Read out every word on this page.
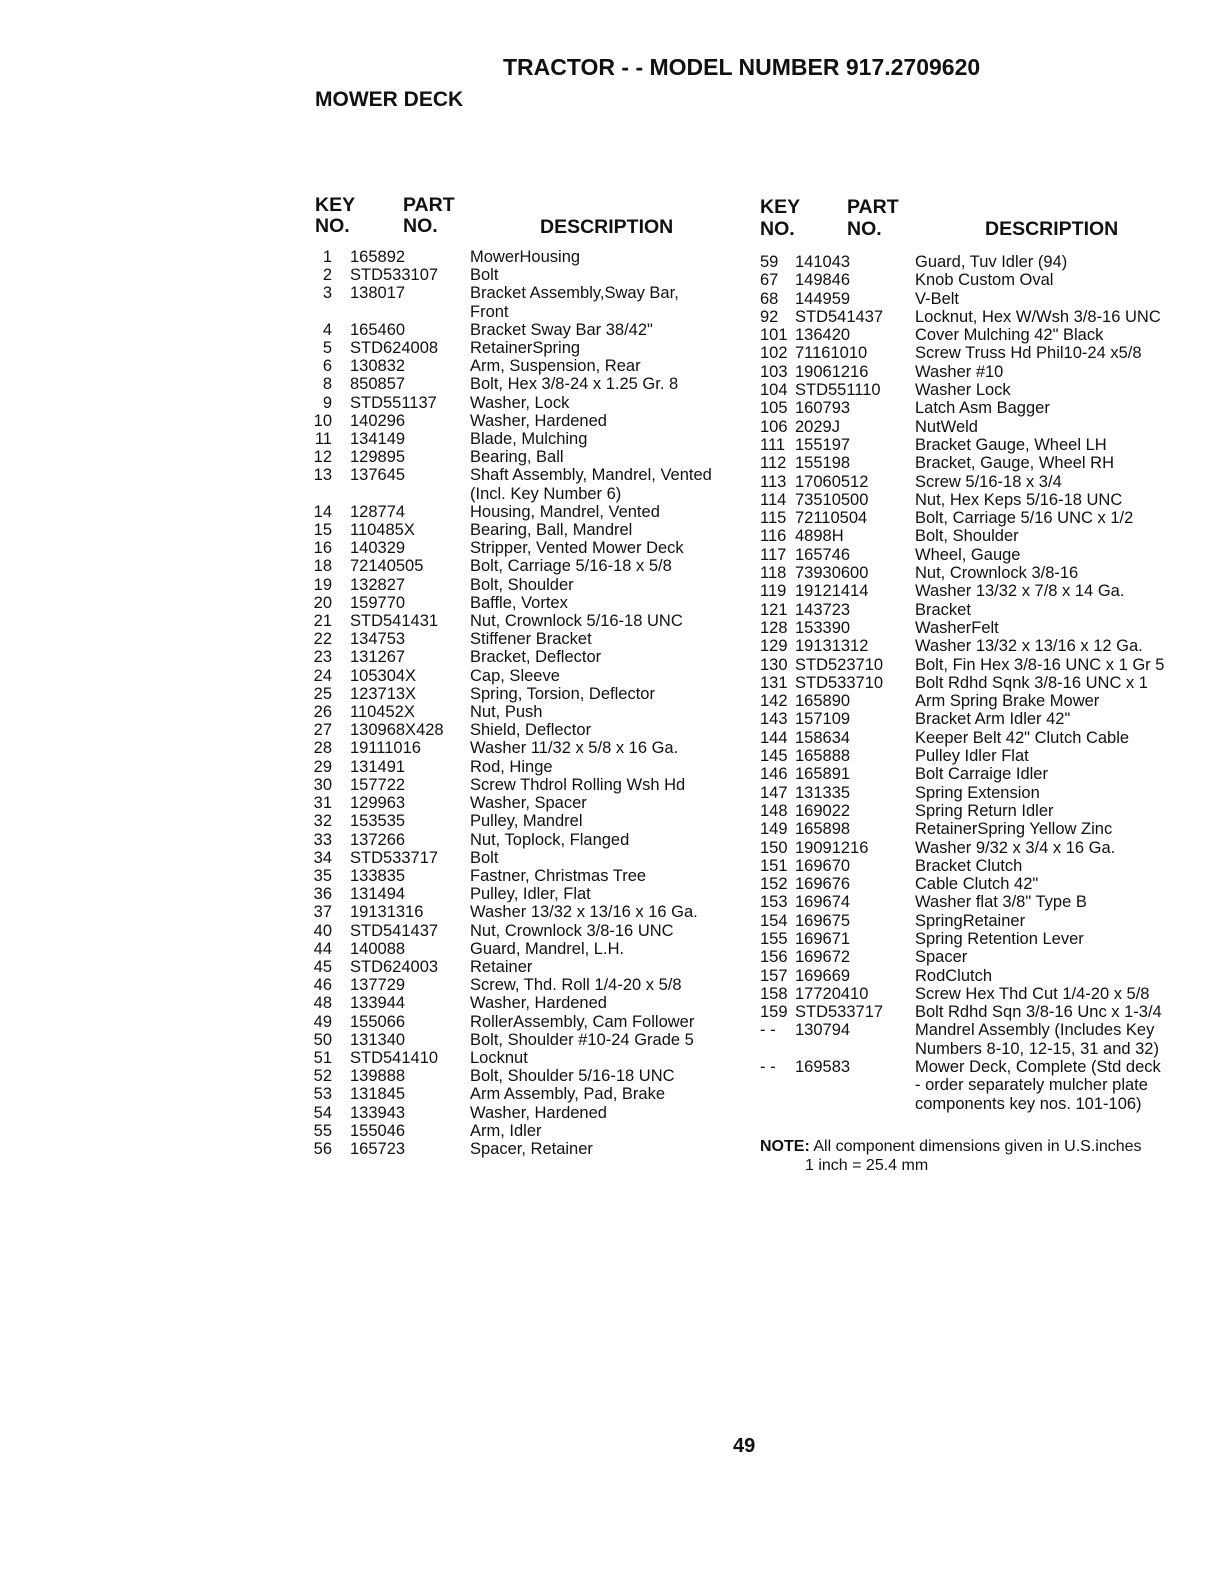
TRACTOR - - MODEL NUMBER 917.2709620
MOWER DECK
KEY
NO.
PART
NO.	DESCRIPTION
KEY
NO.
PART
NO.	DESCRIPTION
1	165892	MowerHousing
2	STD533107	Bolt
3	138017	Bracket Assembly,Sway Bar,
Front
4	165460	Bracket Sway Bar 38/42"
5	STD624008	RetainerSpring
6	130832	Arm, Suspension, Rear
8	850857	Bolt, Hex 3/8-24 x 1.25 Gr. 8
9	STD551137	Washer, Lock
10	140296	Washer, Hardened
11	134149	Blade, Mulching
12	129895	Bearing, Ball
13	137645	Shaft Assembly, Mandrel, Vented
(Incl. Key Number 6)
14	128774	Housing, Mandrel, Vented
15	110485X	Bearing, Ball, Mandrel
16	140329	Stripper, Vented Mower Deck
18	72140505	Bolt, Carriage 5/16-18 x 5/8
19	132827	Bolt, Shoulder
20	159770	Baffle, Vortex
21	STD541431	Nut, Crownlock 5/16-18 UNC
22	134753	Stiffener Bracket
23	131267	Bracket, Deflector
24	105304X	Cap, Sleeve
25	123713X	Spring, Torsion, Deflector
26	110452X	Nut, Push
27	130968X428	Shield, Deflector
28	19111016	Washer 11/32 x 5/8 x 16 Ga.
29	131491	Rod, Hinge
30	157722	Screw Thdrol Rolling Wsh Hd
31	129963	Washer, Spacer
32	153535	Pulley, Mandrel
33	137266	Nut, Toplock, Flanged
34	STD533717	Bolt
35	133835	Fastner, Christmas Tree
36	131494	Pulley, Idler, Flat
37	19131316	Washer 13/32 x 13/16 x 16 Ga.
40	STD541437	Nut, Crownlock 3/8-16 UNC
44	140088	Guard, Mandrel, L.H.
45	STD624003	Retainer
46	137729	Screw, Thd. Roll 1/4-20 x 5/8
48	133944	Washer, Hardened
49	155066	RollerAssembly, Cam Follower
50	131340	Bolt, Shoulder #10-24 Grade 5
51	STD541410	Locknut
52	139888	Bolt, Shoulder 5/16-18 UNC
53	131845	Arm Assembly, Pad, Brake
54	133943	Washer, Hardened
55	155046	Arm, Idler
56	165723	Spacer, Retainer
59	141043	Guard, Tuv Idler (94)
67	149846	Knob Custom Oval
68	144959	V-Belt
92	STD541437	Locknut, Hex W/Wsh 3/8-16 UNC
101 136420	Cover Mulching 42" Black
102 71161010	Screw Truss Hd Phil10-24 x5/8
103 19061216	Washer #10
104 STD551110	Washer Lock
105 160793	Latch Asm Bagger
106 2029J	NutWeld
111 155197	Bracket Gauge, Wheel LH
112 155198	Bracket, Gauge, Wheel RH
113 17060512	Screw 5/16-18 x 3/4
114 73510500	Nut, Hex Keps 5/16-18 UNC
115 72110504	Bolt, Carriage 5/16 UNC x 1/2
116 4898H	Bolt, Shoulder
117 165746	Wheel, Gauge
118 73930600	Nut, Crownlock 3/8-16
119 19121414	Washer 13/32 x 7/8 x 14 Ga.
121 143723	Bracket
128 153390	WasherFelt
129 19131312	Washer 13/32 x 13/16 x 12 Ga.
130 STD523710	Bolt, Fin Hex 3/8-16 UNC x 1 Gr 5
131 STD533710	Bolt Rdhd Sqnk 3/8-16 UNC x 1
142 165890	Arm Spring Brake Mower
143 157109	Bracket Arm Idler 42"
144 158634	Keeper Belt 42" Clutch Cable
145 165888	Pulley Idler Flat
146 165891	Bolt Carraige Idler
147 131335	Spring Extension
148 169022	Spring Return Idler
149 165898	RetainerSpring Yellow Zinc
150 19091216	Washer 9/32 x 3/4 x 16 Ga.
151 169670	Bracket Clutch
152 169676	Cable Clutch 42"
153 169674	Washer flat 3/8" Type B
154 169675	SpringRetainer
155 169671	Spring Retention Lever
156 169672	Spacer
157 169669	RodClutch
158 17720410	Screw Hex Thd Cut 1/4-20 x 5/8
159 STD533717	Bolt Rdhd Sqn 3/8-16 Unc x 1-3/4
- -	130794	Mandrel Assembly (Includes Key
Numbers 8-10, 12-15, 31 and 32)
- -	169583	Mower Deck, Complete (Std deck
- order separately mulcher plate
components key nos. 101-106)
NOTE: All component dimensions given in U.S.inches
1 inch = 25.4 mm
49
